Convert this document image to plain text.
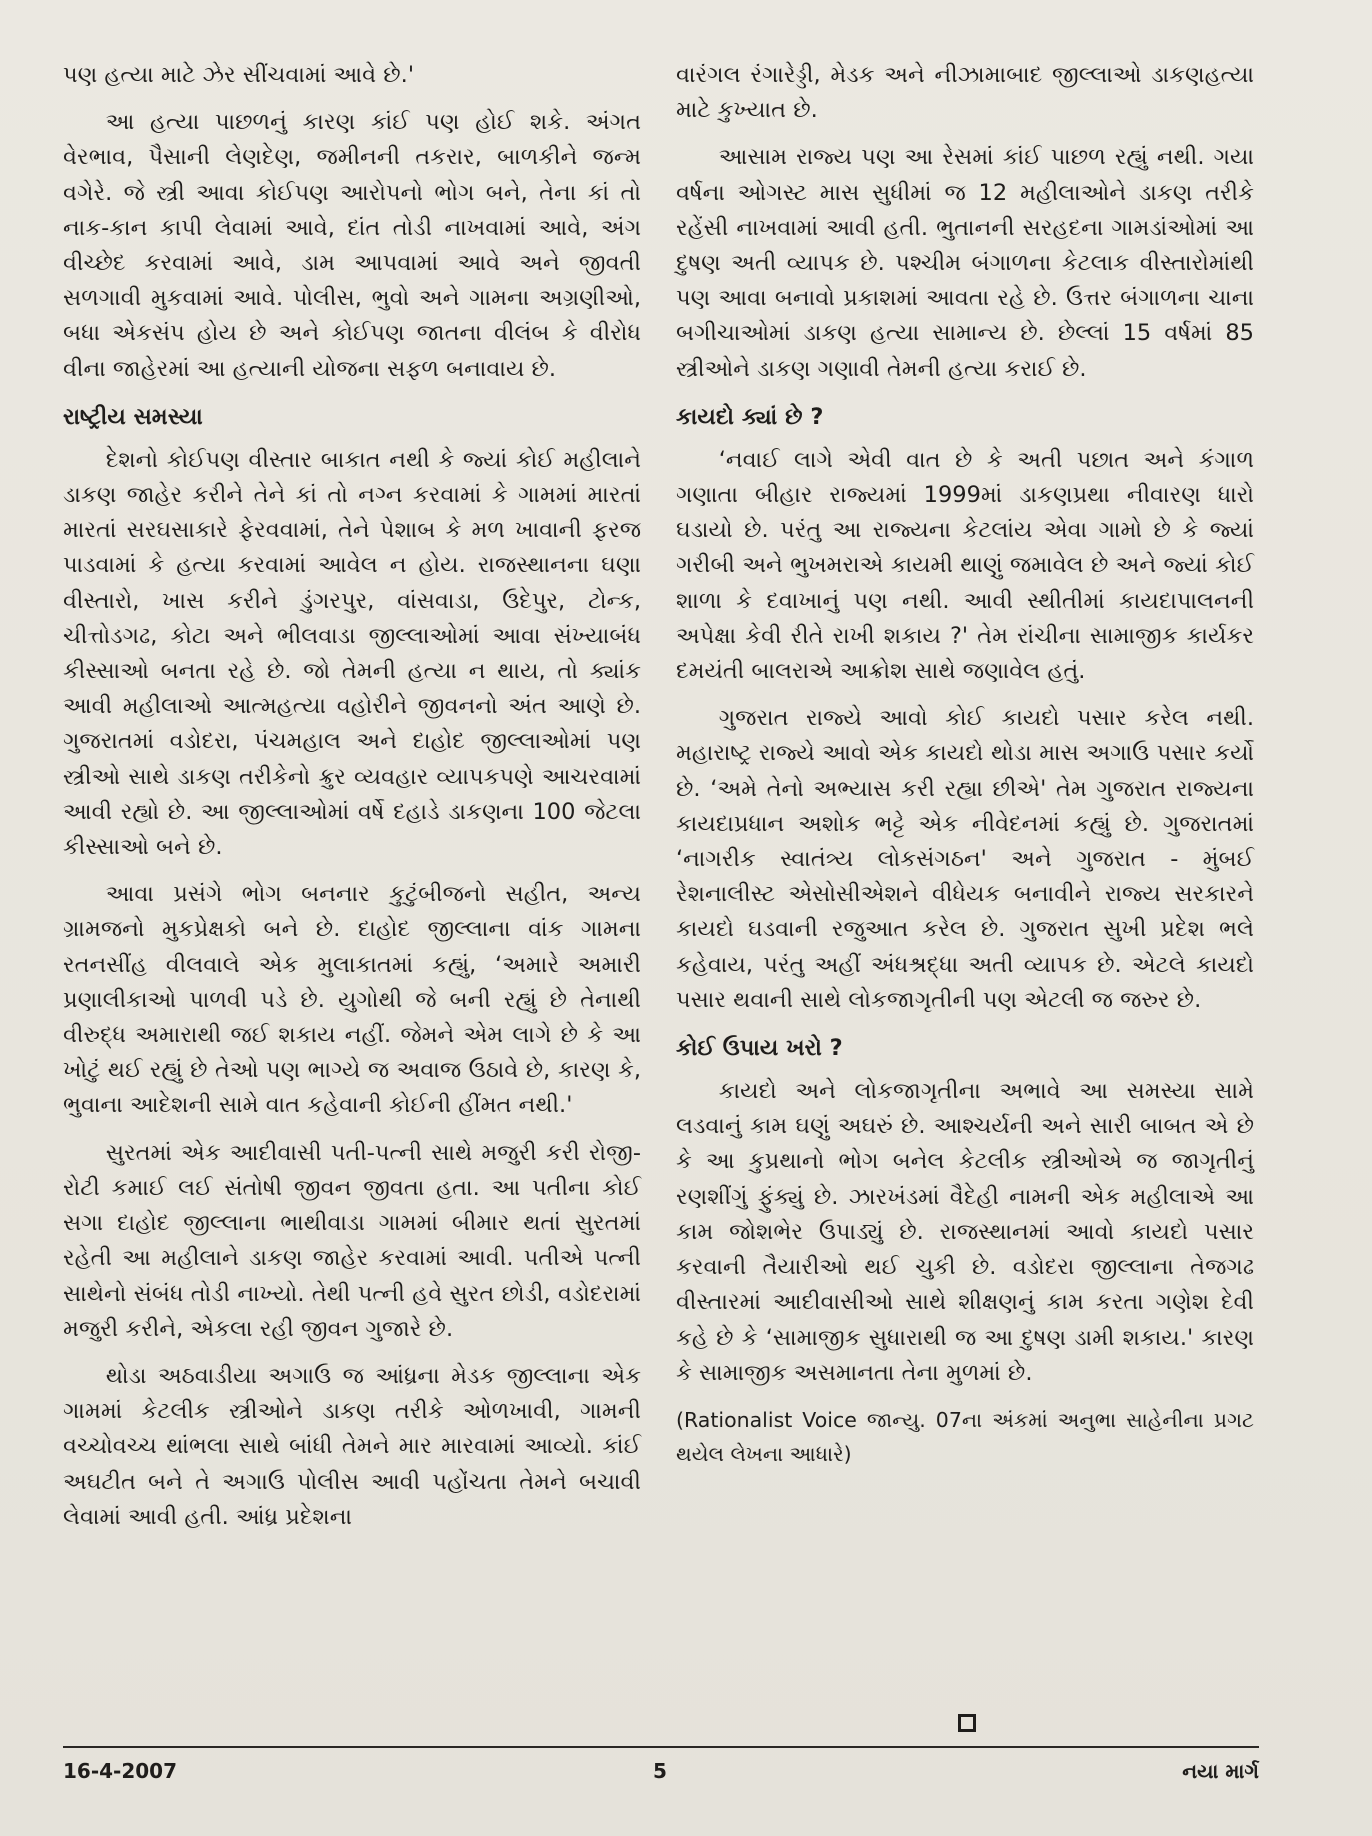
પણ હત્યા માટે ઝેર સીંચવામાં આવે છે.'

આ હત્યા પાછળનું કારણ કાંઈ પણ હોઈ શકે. અંગત વેરભાવ, પૈસાની લેણદેણ, જમીનની તકરાર, બાળકીને જન્મ વગેરે. જે સ્ત્રી આવા કોઈપણ આરોપનો ભોગ બને, તેના કાં તો નાક-કાન કાપી લેવામાં આવે, દાંત તોડી નાખવામાં આવે, અંગ વીચ્છેદ કરવામાં આવે, ડામ આપવામાં આવે અને જીવતી સળગાવી મુકવામાં આવે. પોલીસ, ભુવો અને ગામના અગ્રણીઓ, બધા એકસંપ હોય છે અને કોઈપણ જાતના વીલંબ કે વીરોધ વીના જાહેરમાં આ હત્યાની યોજના સફળ બનાવાય છે.

રાષ્ટ્રીય સમસ્યા

દેશનો કોઈપણ વીસ્તાર બાકાત નથી કે જ્યાં કોઈ મહીલાને ડાકણ જાહેર કરીને તેને કાં તો નગ્ન કરવામાં કે ગામમાં મારતાં મારતાં સરઘસાકારે ફેરવવામાં, તેને પેશાબ કે મળ ખાવાની ફરજ પાડવામાં કે હત્યા કરવામાં આવેલ ન હોય. રાજસ્થાનના ઘણા વીસ્તારો, ખાસ કરીને ડુંગરપુર, વાંસવાડા, ઉદેપુર, ટોન્ક, ચીત્તોડગઢ, કોટા અને ભીલવાડા જીલ્લાઓમાં આવા સંખ્યાબંધ કીસ્સાઓ બનતા રહે છે. જો તેમની હત્યા ન થાય, તો ક્યાંક આવી મહીલાઓ આત્મહત્યા વહોરીને જીવનનો અંત આણે છે. ગુજરાતમાં વડોદરા, પંચમહાલ અને દાહોદ જીલ્લાઓમાં પણ સ્ત્રીઓ સાથે ડાકણ તરીકેનો ક્રુર વ્યવહાર વ્યાપકપણે આચરવામાં આવી રહ્યો છે. આ જીલ્લાઓમાં વર્ષે દહાડે ડાકણના 100 જેટલા કીસ્સાઓ બને છે.

આવા પ્રસંગે ભોગ બનનાર કુટુંબીજનો સહીત, અન્ય ગ્રામજનો મુકપ્રેક્ષકો બને છે. દાહોદ જીલ્લાના વાંક ગામના રતનસીંહ વીલવાલે એક મુલાકાતમાં કહ્યું, ‘અમારે અમારી પ્રણાલીકાઓ પાળવી પડે છે. યુગોથી જે બની રહ્યું છે તેનાથી વીરુદ્ધ અમારાથી જઈ શકાય નહીં. જેમને એમ લાગે છે કે આ ખોટું થઈ રહ્યું છે તેઓ પણ ભાગ્યે જ અવાજ ઉઠાવે છે, કારણ કે, ભુવાના આદેશની સામે વાત કહેવાની કોઈની હીંમત નથી.'

સુરતમાં એક આદીવાસી પતી-પત્ની સાથે મજુરી કરી રોજી-રોટી કમાઈ લઈ સંતોષી જીવન જીવતા હતા. આ પતીના કોઈ સગા દાહોદ જીલ્લાના ભાથીવાડા ગામમાં બીમાર થતાં સુરતમાં રહેતી આ મહીલાને ડાકણ જાહેર કરવામાં આવી. પતીએ પત્ની સાથેનો સંબંધ તોડી નાખ્યો. તેથી પત્ની હવે સુરત છોડી, વડોદરામાં મજુરી કરીને, એકલા રહી જીવન ગુજારે છે.

થોડા અઠવાડીયા અગાઉ જ આંધ્રના મેડક જીલ્લાના એક ગામમાં કેટલીક સ્ત્રીઓને ડાકણ તરીકે ઓળખાવી, ગામની વચ્ચોવચ્ચ થાંભલા સાથે બાંધી તેમને માર મારવામાં આવ્યો. કાંઈ અઘટીત બને તે અગાઉ પોલીસ આવી પહોંચતા તેમને બચાવી લેવામાં આવી હતી. આંધ્ર પ્રદેશના

વારંગલ રંગારેડ્ડી, મેડક અને નીઝામાબાદ જીલ્લાઓ ડાકણહત્યા માટે કુખ્યાત છે.

આસામ રાજ્ય પણ આ રેસમાં કાંઈ પાછળ રહ્યું નથી. ગયા વર્ષના ઓગસ્ટ માસ સુધીમાં જ 12 મહીલાઓને ડાકણ તરીકે રહેંસી નાખવામાં આવી હતી. ભુતાનની સરહદના ગામડાંઓમાં આ દુષણ અતી વ્યાપક છે. પશ્ચીમ બંગાળના કેટલાક વીસ્તારોમાંથી પણ આવા બનાવો પ્રકાશમાં આવતા રહે છે. ઉત્તર બંગાળના ચાના બગીચાઓમાં ડાકણ હત્યા સામાન્ય છે. છેલ્લાં 15 વર્ષમાં 85 સ્ત્રીઓને ડાકણ ગણાવી તેમની હત્યા કરાઈ છે.

કાયદો ક્યાં છે ?

‘નવાઈ લાગે એવી વાત છે કે અતી પછાત અને કંગાળ ગણાતા બીહાર રાજ્યમાં 1999માં ડાકણપ્રથા નીવારણ ધારો ઘડાયો છે. પરંતુ આ રાજ્યના કેટલાંય એવા ગામો છે કે જ્યાં ગરીબી અને ભુખમરાએ કાયમી થાણું જમાવેલ છે અને જ્યાં કોઈ શાળા કે દવાખાનું પણ નથી. આવી સ્થીતીમાં કાયદાપાલનની અપેક્ષા કેવી રીતે રાખી શકાય ?' તેમ રાંચીના સામાજીક કાર્યકર દમયંતી બાલરાએ આક્રોશ સાથે જણાવેલ હતું.

ગુજરાત રાજ્યે આવો કોઈ કાયદો પસાર કરેલ નથી. મહારાષ્ટ્ર રાજ્યે આવો એક કાયદો થોડા માસ અગાઉ પસાર કર્યો છે. ‘અમે તેનો અભ્યાસ કરી રહ્યા છીએ' તેમ ગુજરાત રાજ્યના કાયદાપ્રધાન અશોક ભટ્ટે એક નીવેદનમાં કહ્યું છે. ગુજરાતમાં ‘નાગરીક સ્વાતંત્ર્ય લોકસંગઠન' અને ગુજરાત - મુંબઈ રેશનાલીસ્ટ એસોસીએશને વીધેયક બનાવીને રાજ્ય સરકારને કાયદો ઘડવાની રજુઆત કરેલ છે. ગુજરાત સુખી પ્રદેશ ભલે કહેવાય, પરંતુ અહીં અંધશ્રદ્ધા અતી વ્યાપક છે. એટલે કાયદો પસાર થવાની સાથે લોકજાગૃતીની પણ એટલી જ જરુર છે.

કોઈ ઉપાય ખરો ?

કાયદો અને લોકજાગૃતીના અભાવે આ સમસ્યા સામે લડવાનું કામ ઘણું અઘરું છે. આશ્ચર્યની અને સારી બાબત એ છે કે આ કુપ્રથાનો ભોગ બનેલ કેટલીક સ્ત્રીઓએ જ જાગૃતીનું રણશીંગું ફુંક્યું છે. ઝારખંડમાં વૈદેહી નામની એક મહીલાએ આ કામ જોશભેર ઉપાડ્યું છે. રાજસ્થાનમાં આવો કાયદો પસાર કરવાની તૈયારીઓ થઈ ચુકી છે. વડોદરા જીલ્લાના તેજગઢ વીસ્તારમાં આદીવાસીઓ સાથે શીક્ષણનું કામ કરતા ગણેશ દેવી કહે છે કે ‘સામાજીક સુધારાથી જ આ દુષણ ડામી શકાય.' કારણ કે સામાજીક અસમાનતા તેના મુળમાં છે.

(Rationalist Voice જાન્યુ. 07ના અંકમાં અનુભા સાહેનીના પ્રગટ થયેલ લેખના આધારે)

16-4-2007	5	નયા માર્ગ
